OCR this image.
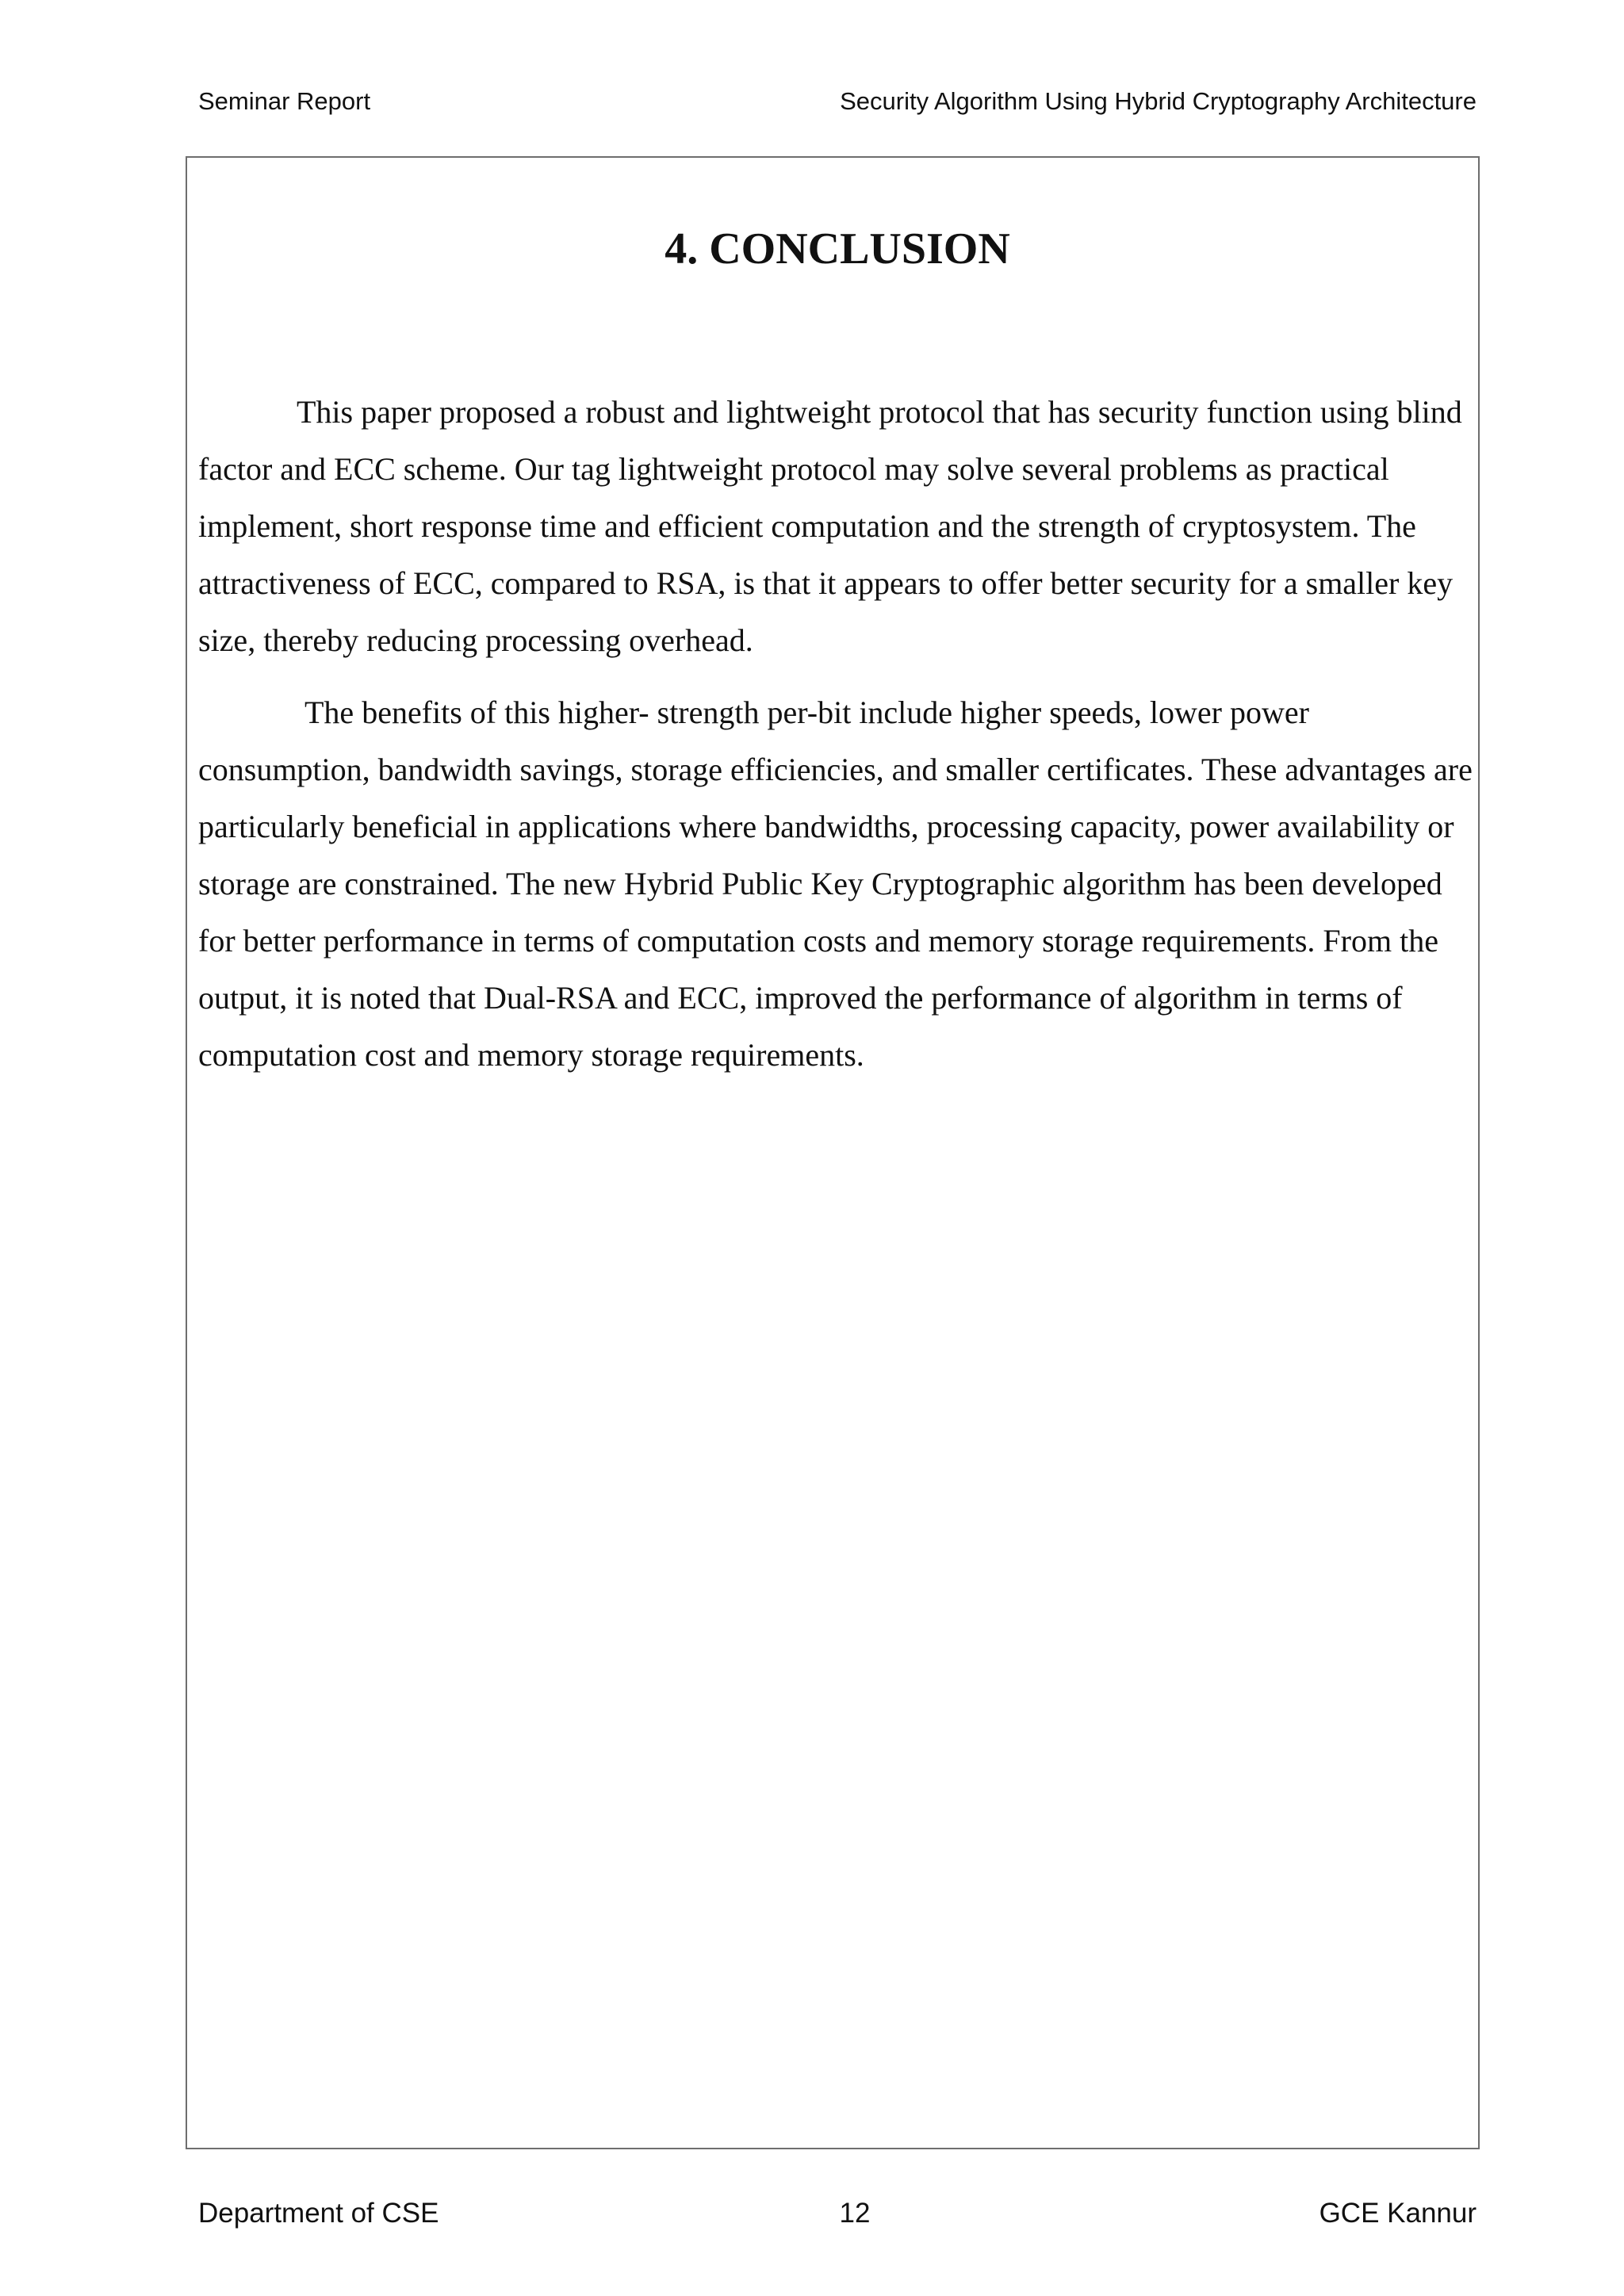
Seminar Report	Security Algorithm Using Hybrid Cryptography Architecture
4. CONCLUSION

This paper proposed a robust and lightweight protocol that has security function using blind factor and ECC scheme. Our tag lightweight protocol may solve several problems as practical implement, short response time and efficient computation and the strength of cryptosystem. The attractiveness of ECC, compared to RSA, is that it appears to offer better security for a smaller key size, thereby reducing processing overhead.

The benefits of this higher- strength per-bit include higher speeds, lower power consumption, bandwidth savings, storage efficiencies, and smaller certificates. These advantages are particularly beneficial in applications where bandwidths, processing capacity, power availability or storage are constrained. The new Hybrid Public Key Cryptographic algorithm has been developed for better performance in terms of computation costs and memory storage requirements. From the output, it is noted that Dual-RSA and ECC, improved the performance of algorithm in terms of computation cost and memory storage requirements.

Department of CSE	12	GCE Kannur
